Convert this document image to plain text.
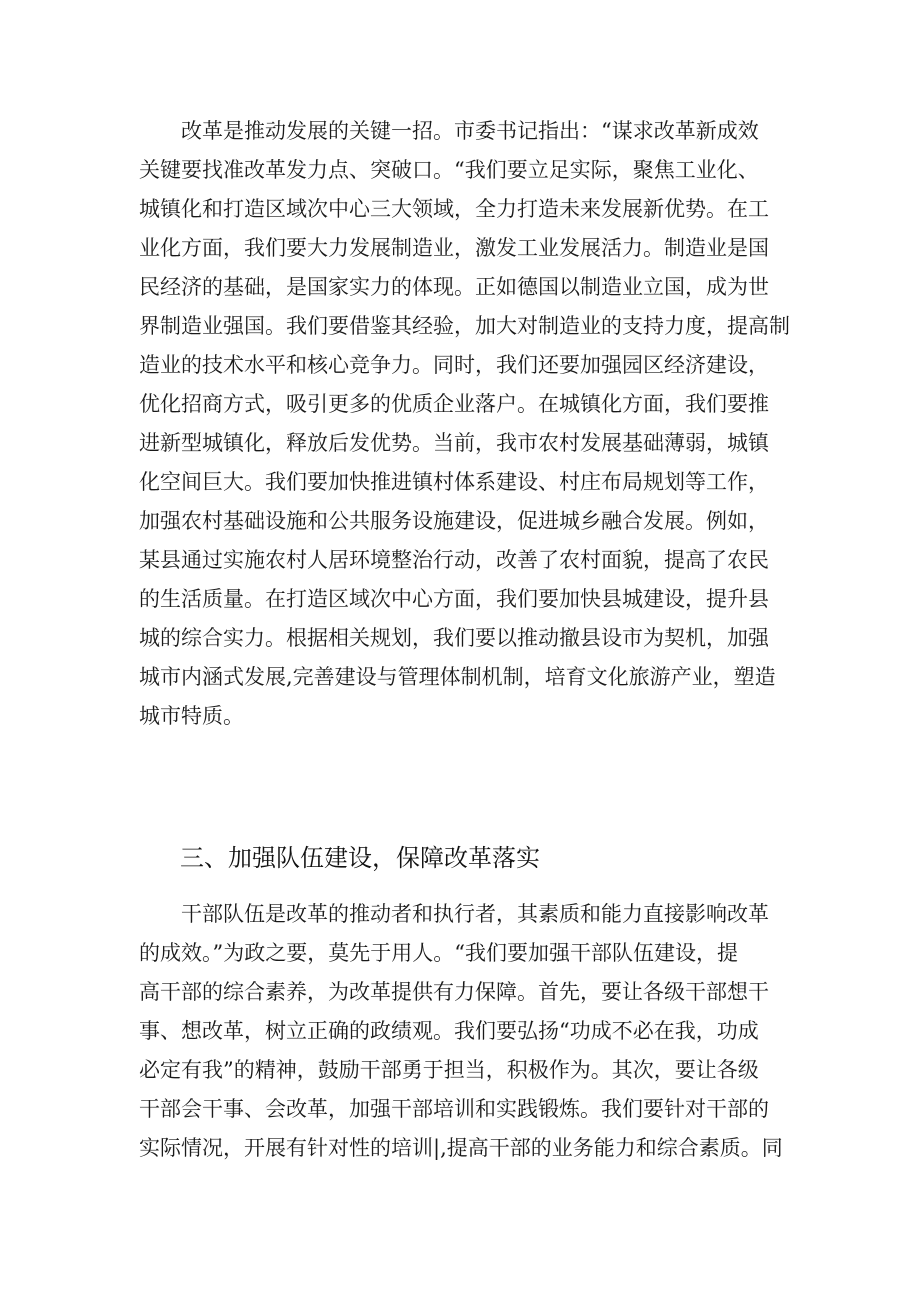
　　改革是推动发展的关键一招。市委书记指出：“谋求改革新成效
关键要找准改革发力点、突破口。“我们要立足实际，聚焦工业化、
城镇化和打造区域次中心三大领域，全力打造未来发展新优势。在工
业化方面，我们要大力发展制造业，激发工业发展活力。制造业是国
民经济的基础，是国家实力的体现。正如德国以制造业立国，成为世
界制造业强国。我们要借鉴其经验，加大对制造业的支持力度，提高制
造业的技术水平和核心竞争力。同时，我们还要加强园区经济建设，
优化招商方式，吸引更多的优质企业落户。在城镇化方面，我们要推
进新型城镇化，释放后发优势。当前，我市农村发展基础薄弱，城镇
化空间巨大。我们要加快推进镇村体系建设、村庄布局规划等工作，
加强农村基础设施和公共服务设施建设，促进城乡融合发展。例如，
某县通过实施农村人居环境整治行动，改善了农村面貌，提高了农民
的生活质量。在打造区域次中心方面，我们要加快县城建设，提升县
城的综合实力。根据相关规划，我们要以推动撤县设市为契机，加强
城市内涵式发展,完善建设与管理体制机制，培育文化旅游产业，塑造
城市特质。
三、加强队伍建设，保障改革落实
　　干部队伍是改革的推动者和执行者，其素质和能力直接影响改革
的成效。”为政之要，莫先于用人。“我们要加强干部队伍建设，提
高干部的综合素养，为改革提供有力保障。首先，要让各级干部想干
事、想改革，树立正确的政绩观。我们要弘扬“功成不必在我，功成
必定有我”的精神，鼓励干部勇于担当，积极作为。其次，要让各级
干部会干事、会改革，加强干部培训和实践锻炼。我们要针对干部的
实际情况，开展有针对性的培训|,提高干部的业务能力和综合素质。同
